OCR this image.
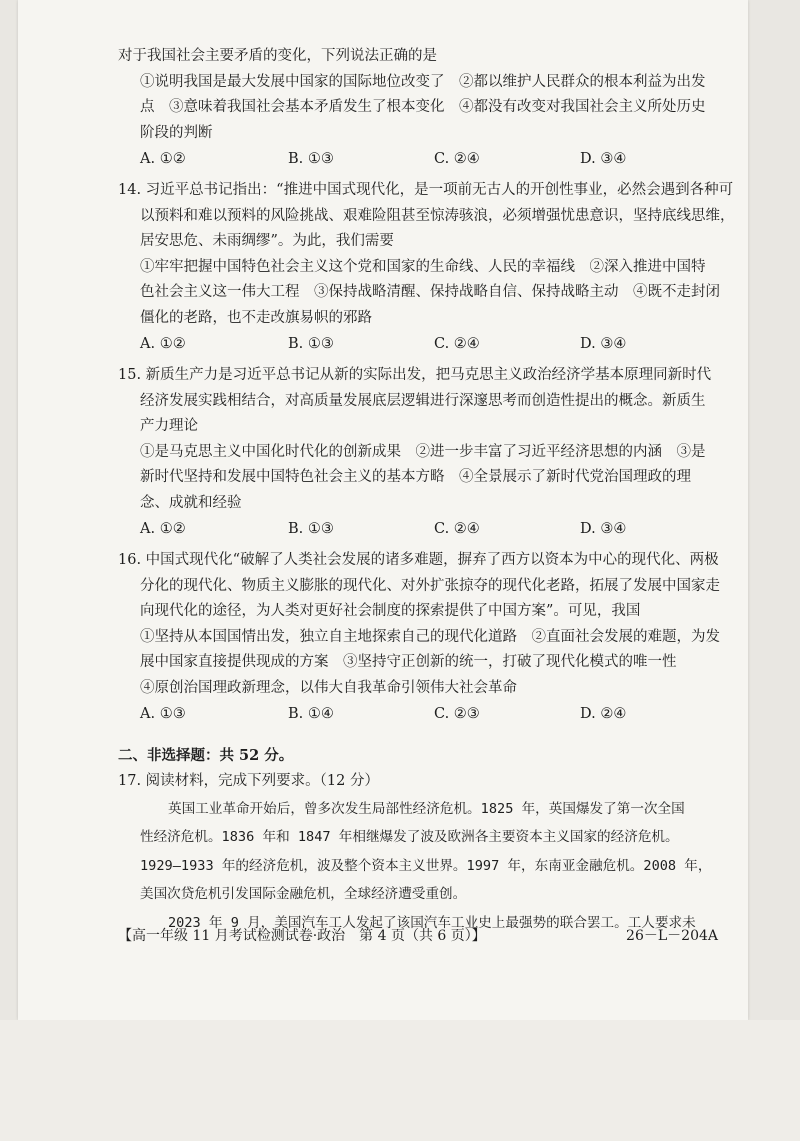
对于我国社会主要矛盾的变化，下列说法正确的是
①说明我国是最大发展中国家的国际地位改变了　②都以维护人民群众的根本利益为出发
点　③意味着我国社会基本矛盾发生了根本变化　④都没有改变对我国社会主义所处历史
阶段的判断
A. ①②	B. ①③	C. ②④	D. ③④
14. 习近平总书记指出：“推进中国式现代化，是一项前无古人的开创性事业，必然会遇到各种可
以预料和难以预料的风险挑战、艰难险阻甚至惊涛骇浪，必须增强忧患意识，坚持底线思维，
居安思危、未雨绸缪”。为此，我们需要
①牢牢把握中国特色社会主义这个党和国家的生命线、人民的幸福线　②深入推进中国特
色社会主义这一伟大工程　③保持战略清醒、保持战略自信、保持战略主动　④既不走封闭
僵化的老路，也不走改旗易帜的邪路
A. ①②	B. ①③	C. ②④	D. ③④
15. 新质生产力是习近平总书记从新的实际出发，把马克思主义政治经济学基本原理同新时代
经济发展实践相结合，对高质量发展底层逻辑进行深邃思考而创造性提出的概念。新质生
产力理论
①是马克思主义中国化时代化的创新成果　②进一步丰富了习近平经济思想的内涵　③是
新时代坚持和发展中国特色社会主义的基本方略　④全景展示了新时代党治国理政的理
念、成就和经验
A. ①②	B. ①③	C. ②④	D. ③④
16. 中国式现代化“破解了人类社会发展的诸多难题，摒弃了西方以资本为中心的现代化、两极
分化的现代化、物质主义膨胀的现代化、对外扩张掠夺的现代化老路，拓展了发展中国家走
向现代化的途径，为人类对更好社会制度的探索提供了中国方案”。可见，我国
①坚持从本国国情出发，独立自主地探索自己的现代化道路　②直面社会发展的难题，为发
展中国家直接提供现成的方案　③坚持守正创新的统一，打破了现代化模式的唯一性
④原创治国理政新理念，以伟大自我革命引领伟大社会革命
A. ①③	B. ①④	C. ②③	D. ②④
二、非选择题：共 52 分。
17. 阅读材料，完成下列要求。（12 分）
英国工业革命开始后，曾多次发生局部性经济危机。1825 年，英国爆发了第一次全国
性经济危机。1836 年和 1847 年相继爆发了波及欧洲各主要资本主义国家的经济危机。
1929—1933 年的经济危机，波及整个资本主义世界。1997 年，东南亚金融危机。2008 年，
美国次贷危机引发国际金融危机，全球经济遭受重创。
2023 年 9 月，美国汽车工人发起了该国汽车工业史上最强势的联合罢工。工人要求未
【高一年级 11 月考试检测试卷·政治　第 4 页（共 6 页）】	26－L－204A
